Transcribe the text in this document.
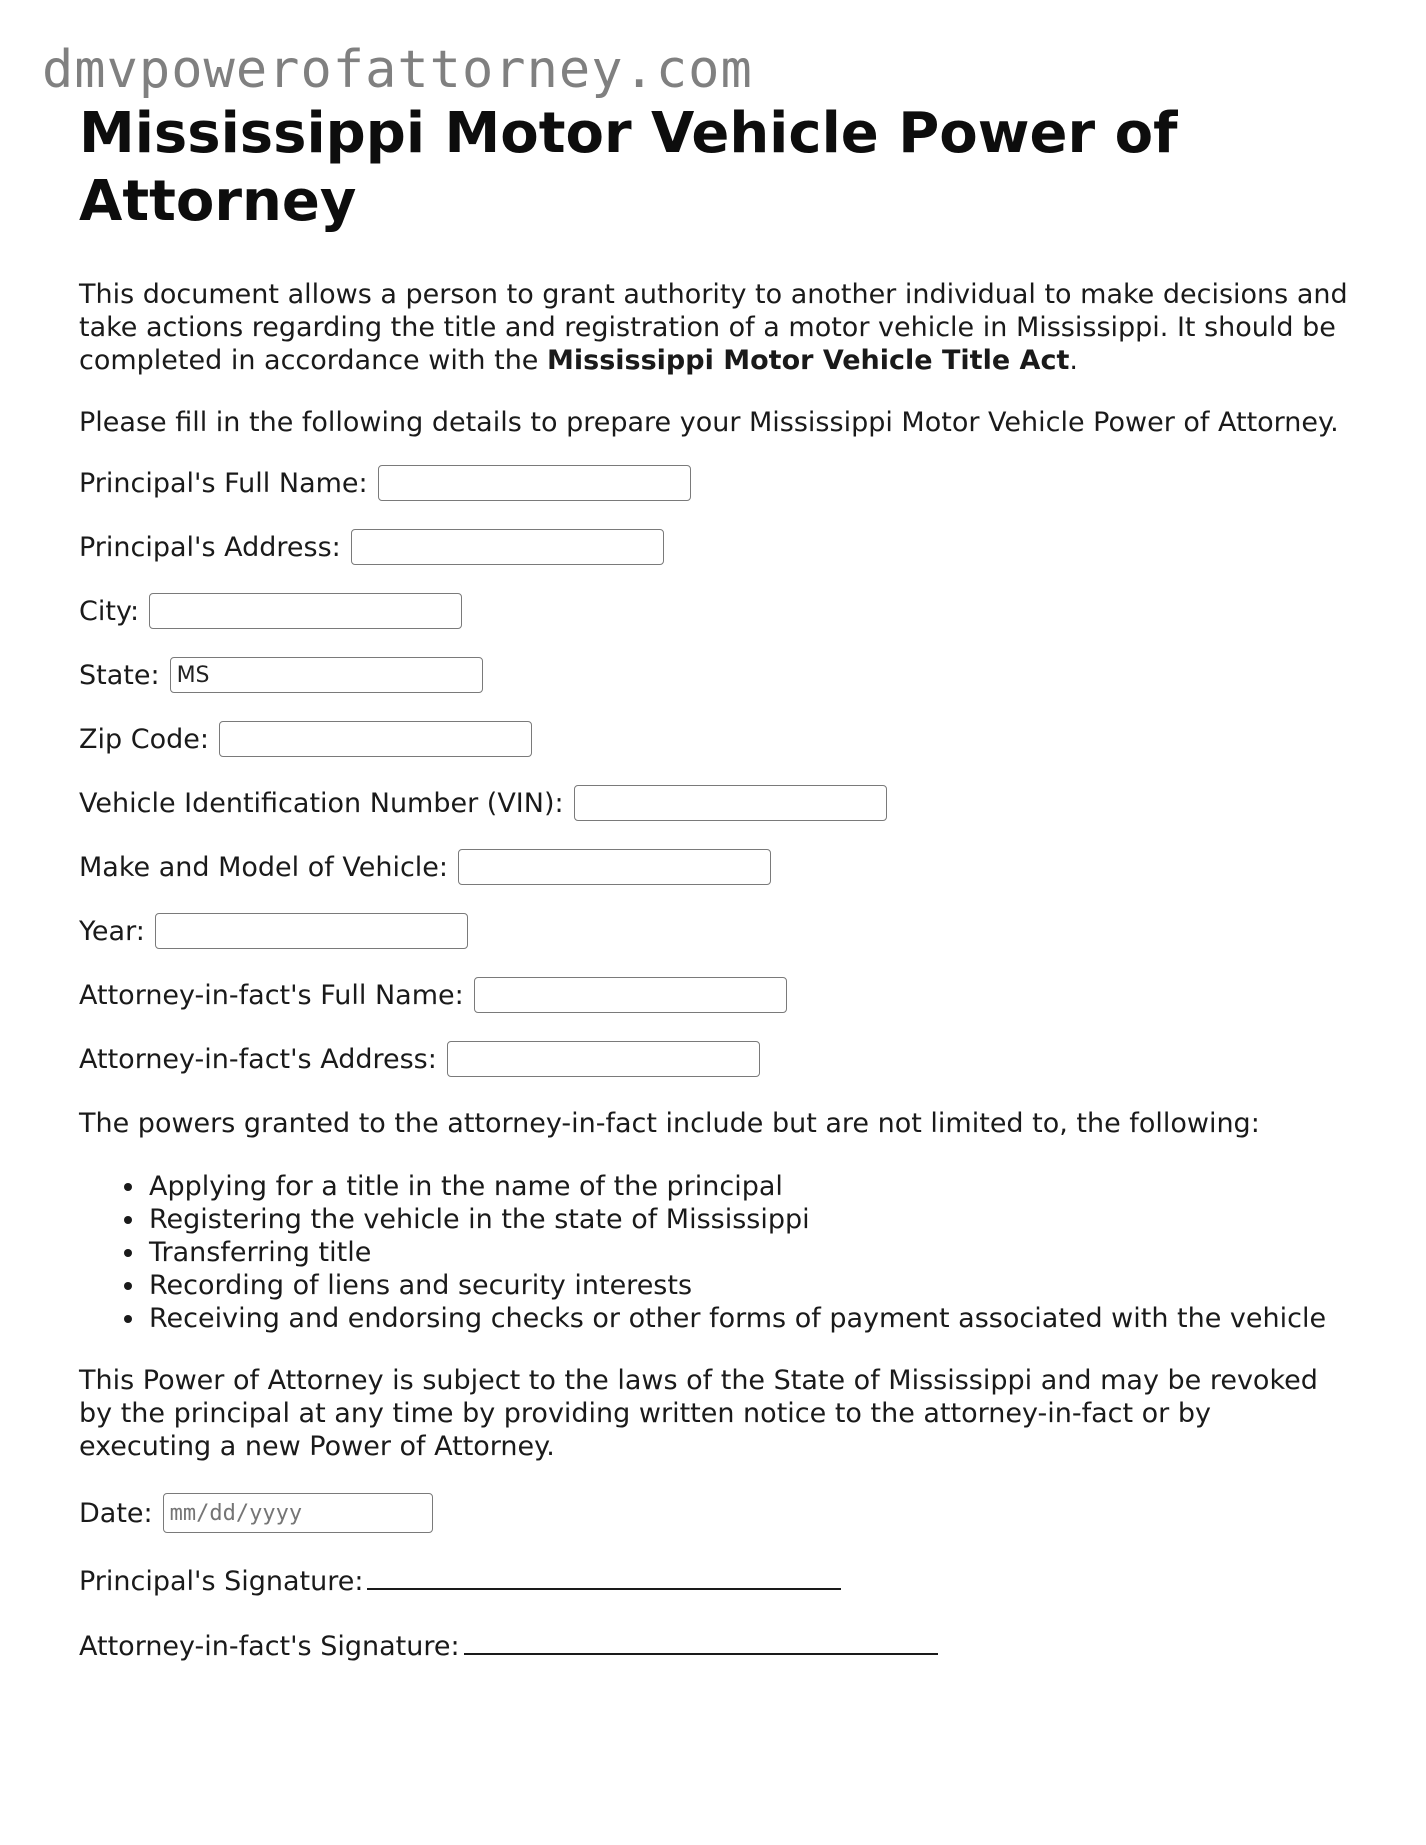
dmvpowerofattorney.com
Mississippi Motor Vehicle Power of Attorney

This document allows a person to grant authority to another individual to make decisions and take actions regarding the title and registration of a motor vehicle in Mississippi. It should be completed in accordance with the Mississippi Motor Vehicle Title Act.

Please fill in the following details to prepare your Mississippi Motor Vehicle Power of Attorney.

Principal's Full Name:
Principal's Address:
City:
State:
MS
Zip Code:
Vehicle Identification Number (VIN):
Make and Model of Vehicle:
Year:
Attorney-in-fact's Full Name:
Attorney-in-fact's Address:

The powers granted to the attorney-in-fact include but are not limited to, the following:

• Applying for a title in the name of the principal
• Registering the vehicle in the state of Mississippi
• Transferring title
• Recording of liens and security interests
• Receiving and endorsing checks or other forms of payment associated with the vehicle

This Power of Attorney is subject to the laws of the State of Mississippi and may be revoked by the principal at any time by providing written notice to the attorney-in-fact or by executing a new Power of Attorney.

Date:
mm/dd/yyyy
Principal's Signature:
Attorney-in-fact's Signature:
